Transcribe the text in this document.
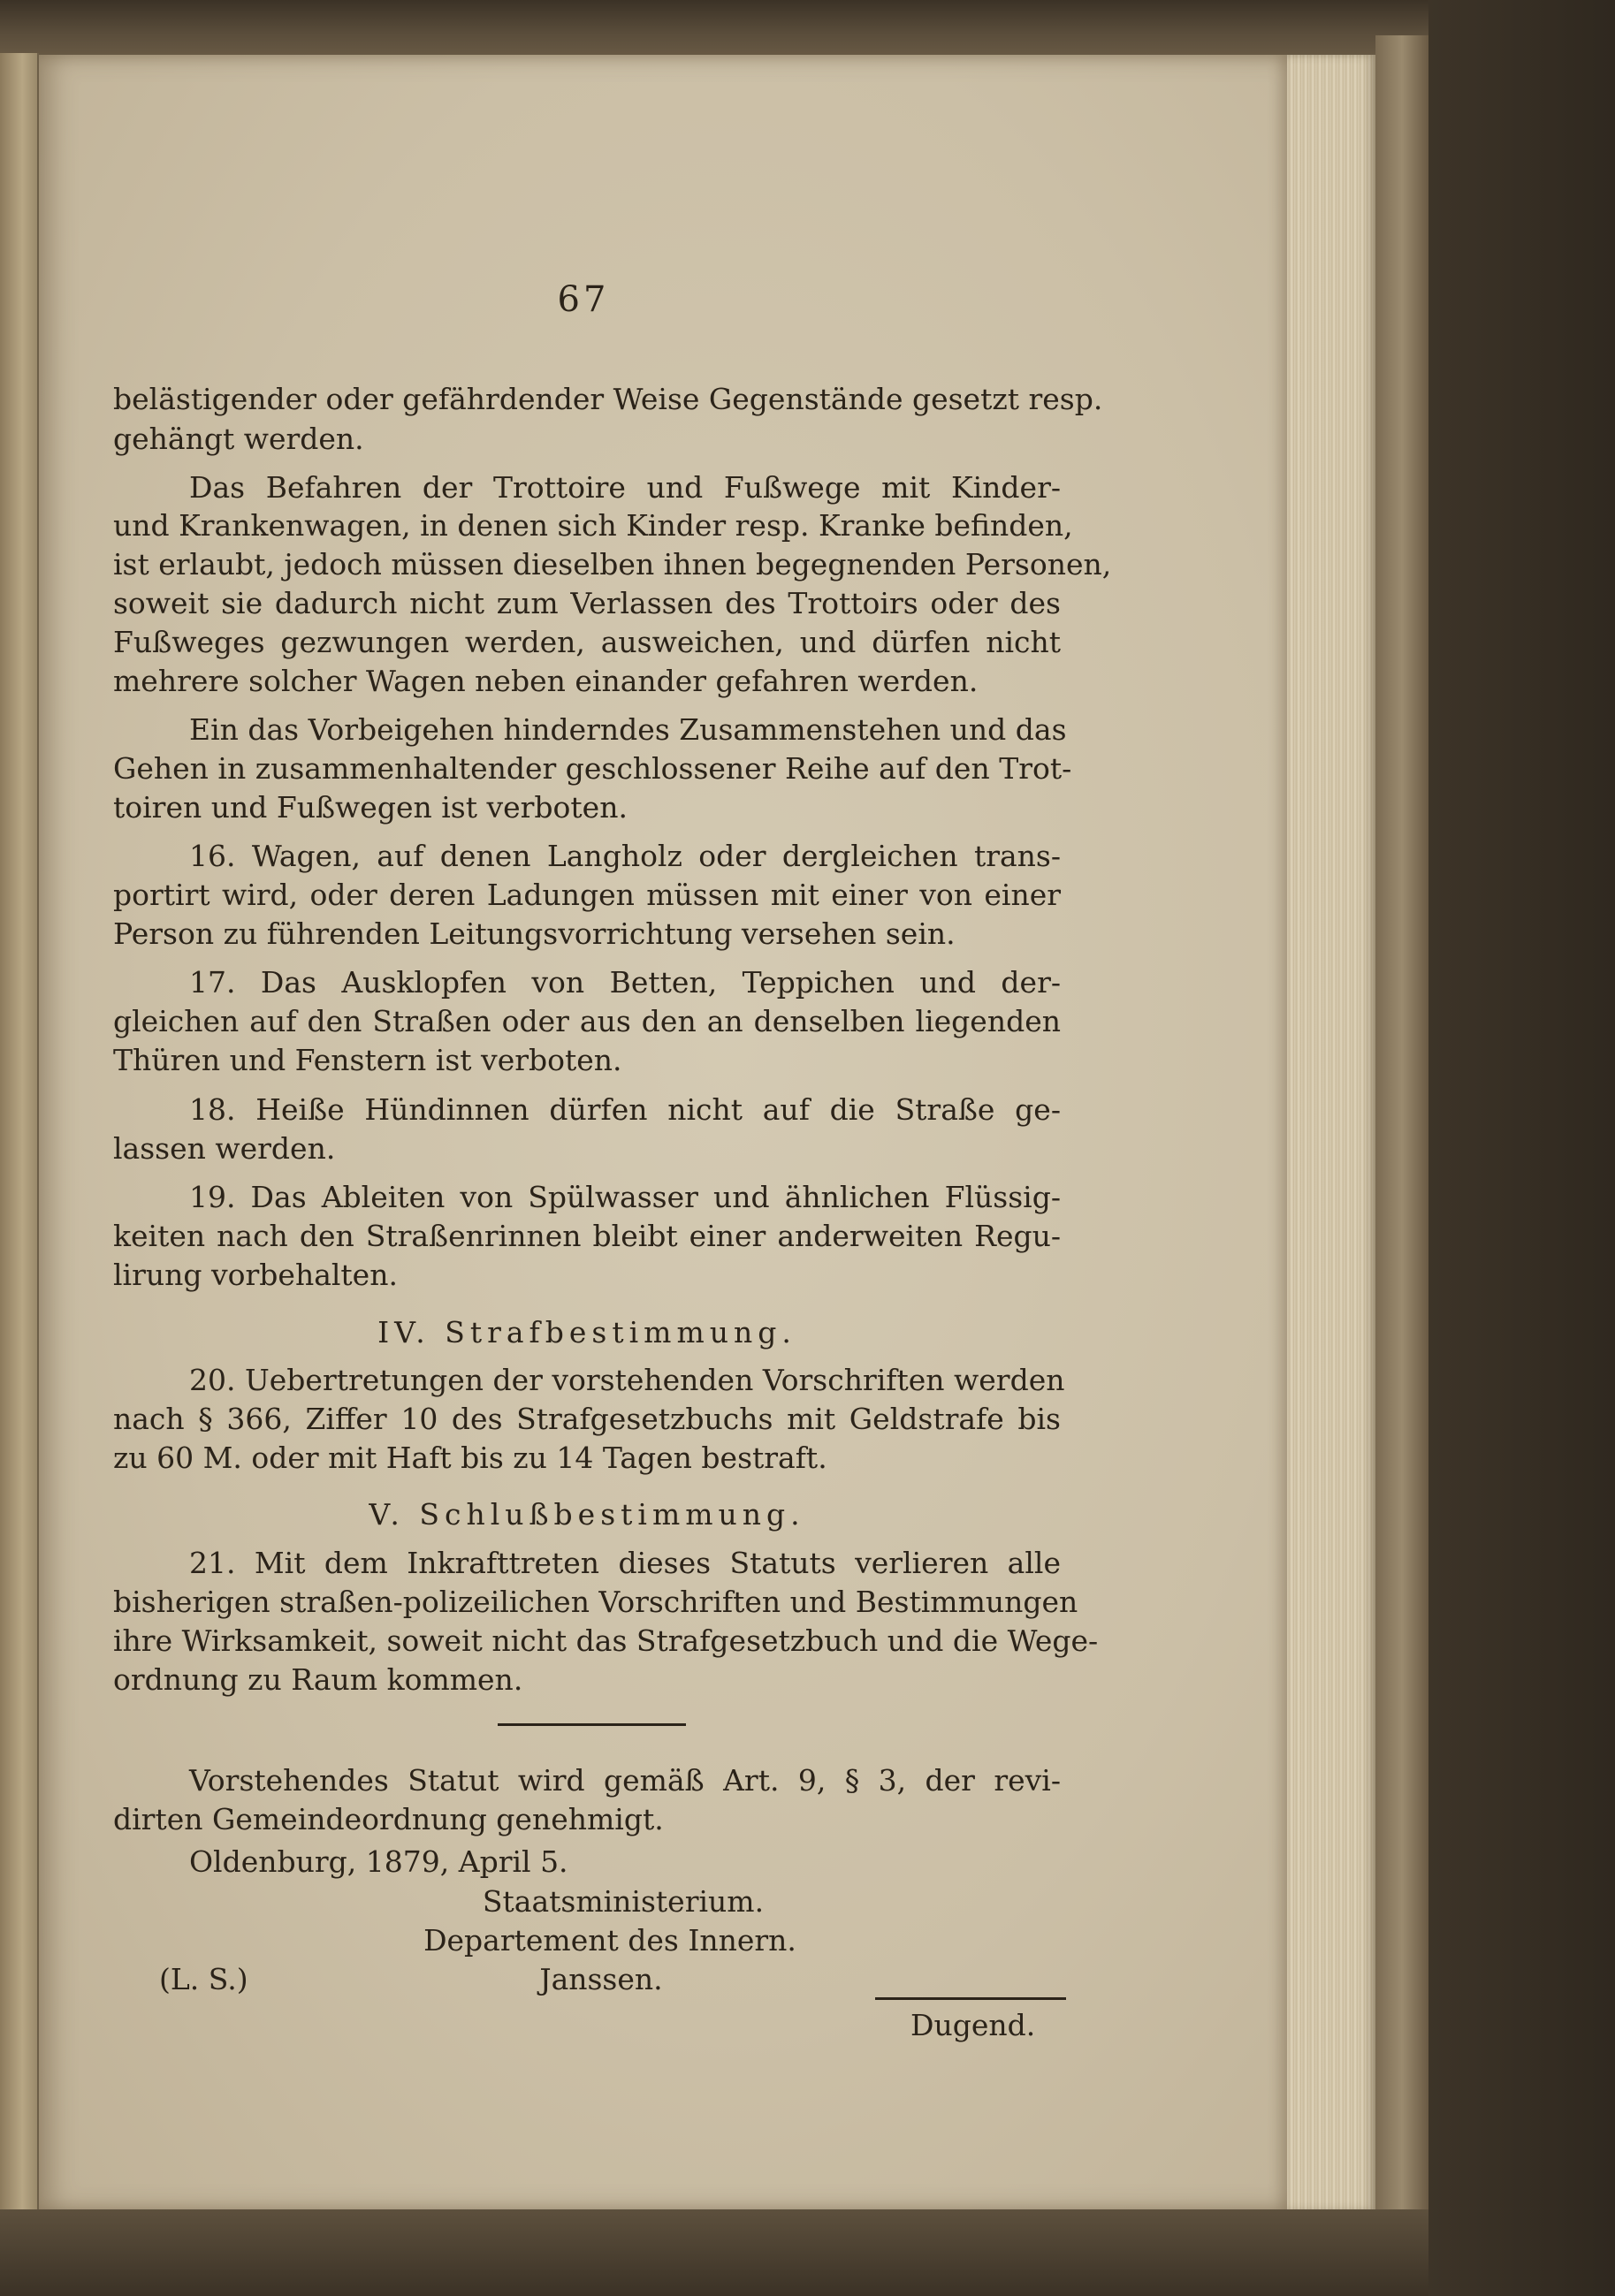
67
belästigender oder gefährdender Weise Gegenstände gesetzt resp.
gehängt werden.
Das Befahren der Trottoire und Fußwege mit Kinder-
und Krankenwagen, in denen sich Kinder resp. Kranke befinden,
ist erlaubt, jedoch müssen dieselben ihnen begegnenden Personen,
soweit sie dadurch nicht zum Verlassen des Trottoirs oder des
Fußweges gezwungen werden, ausweichen, und dürfen nicht
mehrere solcher Wagen neben einander gefahren werden.
Ein das Vorbeigehen hinderndes Zusammenstehen und das
Gehen in zusammenhaltender geschlossener Reihe auf den Trot-
toiren und Fußwegen ist verboten.
16. Wagen, auf denen Langholz oder dergleichen trans-
portirt wird, oder deren Ladungen müssen mit einer von einer
Person zu führenden Leitungsvorrichtung versehen sein.
17. Das Ausklopfen von Betten, Teppichen und der-
gleichen auf den Straßen oder aus den an denselben liegenden
Thüren und Fenstern ist verboten.
18. Heiße Hündinnen dürfen nicht auf die Straße ge-
lassen werden.
19. Das Ableiten von Spülwasser und ähnlichen Flüssig-
keiten nach den Straßenrinnen bleibt einer anderweiten Regu-
lirung vorbehalten.
IV. Strafbestimmung.
20. Uebertretungen der vorstehenden Vorschriften werden
nach § 366, Ziffer 10 des Strafgesetzbuchs mit Geldstrafe bis
zu 60 M. oder mit Haft bis zu 14 Tagen bestraft.
V. Schlußbestimmung.
21. Mit dem Inkrafttreten dieses Statuts verlieren alle
bisherigen straßen-polizeilichen Vorschriften und Bestimmungen
ihre Wirksamkeit, soweit nicht das Strafgesetzbuch und die Wege-
ordnung zu Raum kommen.
Vorstehendes Statut wird gemäß Art. 9, § 3, der revi-
dirten Gemeindeordnung genehmigt.
Oldenburg, 1879, April 5.
Staatsministerium.
Departement des Innern.
(L. S.)	Janssen.
Dugend.
